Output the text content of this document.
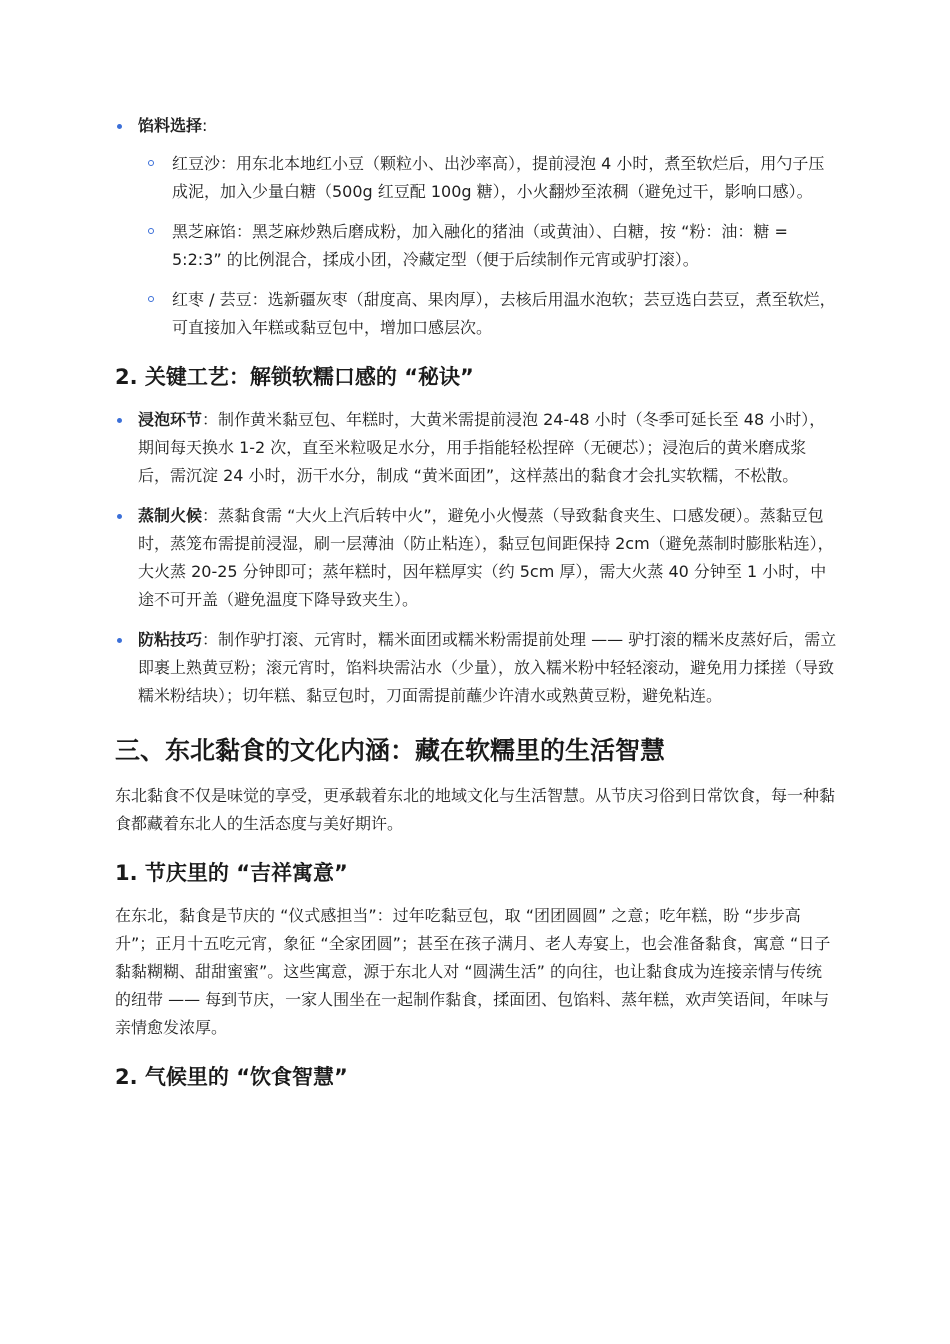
馅料选择:
红豆沙：用东北本地红小豆（颗粒小、出沙率高），提前浸泡 4 小时，煮至软烂后，用勺子压成泥，加入少量白糖（500g 红豆配 100g 糖），小火翻炒至浓稠（避免过干，影响口感）。
黑芝麻馅：黑芝麻炒熟后磨成粉，加入融化的猪油（或黄油）、白糖，按 “粉：油：糖 = 5:2:3” 的比例混合，揉成小团，冷藏定型（便于后续制作元宵或驴打滚）。
红枣 / 芸豆：选新疆灰枣（甜度高、果肉厚），去核后用温水泡软；芸豆选白芸豆，煮至软烂，可直接加入年糕或黏豆包中，增加口感层次。
2. 关键工艺：解锁软糯口感的 “秘诀”
浸泡环节：制作黄米黏豆包、年糕时，大黄米需提前浸泡 24-48 小时（冬季可延长至 48 小时），期间每天换水 1-2 次，直至米粒吸足水分，用手指能轻松捏碎（无硬芯）；浸泡后的黄米磨成浆后，需沉淀 24 小时，沥干水分，制成 “黄米面团”，这样蒸出的黏食才会扎实软糯，不松散。
蒸制火候：蒸黏食需 “大火上汽后转中火”，避免小火慢蒸（导致黏食夹生、口感发硬）。蒸黏豆包时，蒸笼布需提前浸湿，刷一层薄油（防止粘连），黏豆包间距保持 2cm（避免蒸制时膨胀粘连），大火蒸 20-25 分钟即可；蒸年糕时，因年糕厚实（约 5cm 厚），需大火蒸 40 分钟至 1 小时，中途不可开盖（避免温度下降导致夹生）。
防粘技巧：制作驴打滚、元宵时，糯米面团或糯米粉需提前处理 —— 驴打滚的糯米皮蒸好后，需立即裹上熟黄豆粉；滚元宵时，馅料块需沾水（少量），放入糯米粉中轻轻滚动，避免用力揉搓（导致糯米粉结块）；切年糕、黏豆包时，刀面需提前蘸少许清水或熟黄豆粉，避免粘连。
三、东北黏食的文化内涵：藏在软糯里的生活智慧

东北黏食不仅是味觉的享受，更承载着东北的地域文化与生活智慧。从节庆习俗到日常饮食，每一种黏食都藏着东北人的生活态度与美好期许。

1. 节庆里的 “吉祥寓意”

在东北，黏食是节庆的 “仪式感担当”：过年吃黏豆包，取 “团团圆圆” 之意；吃年糕，盼 “步步高升”；正月十五吃元宵，象征 “全家团圆”；甚至在孩子满月、老人寿宴上，也会准备黏食，寓意 “日子黏黏糊糊、甜甜蜜蜜”。这些寓意，源于东北人对 “圆满生活” 的向往，也让黏食成为连接亲情与传统的纽带 —— 每到节庆，一家人围坐在一起制作黏食，揉面团、包馅料、蒸年糕，欢声笑语间，年味与亲情愈发浓厚。

2. 气候里的 “饮食智慧”
